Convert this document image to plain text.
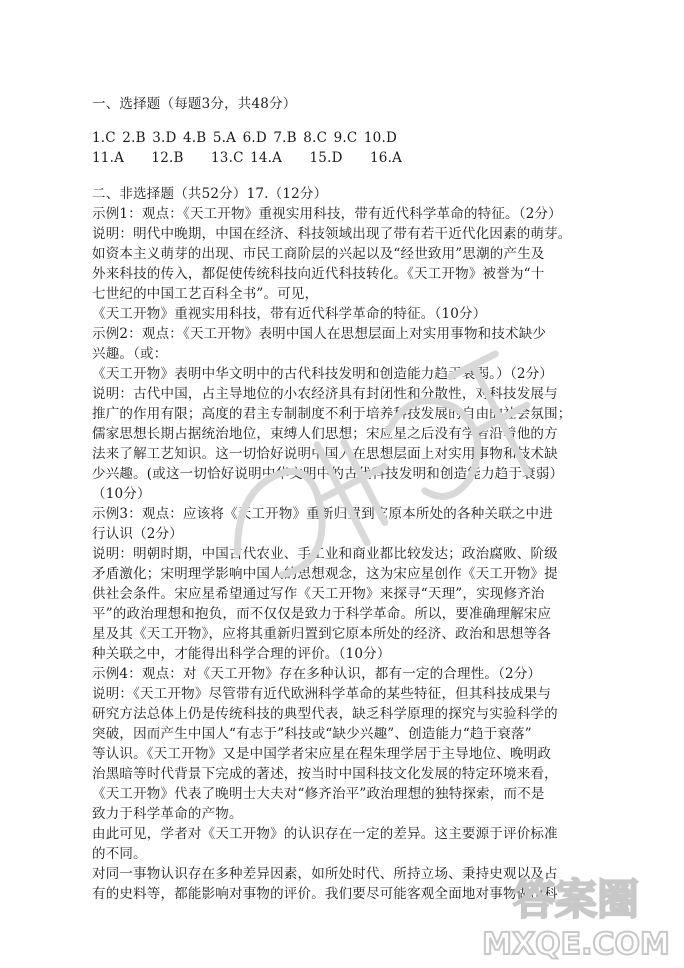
一、选择题（每题3分，共48分）
1.C 2.B 3.D 4.B 5.A 6.D 7.B 8.C 9.C 10.D
11.A　　12.B　　13.C 14.A　　15.D　　16.A
二、非选择题（共52分）17.（12分）
示例1：观点：《天工开物》重视实用科技，带有近代科学革命的特征。（2分）
说明：明代中晚期，中国在经济、科技领域出现了带有若干近代化因素的萌芽。
如资本主义萌芽的出现、市民工商阶层的兴起以及“经世致用”思潮的产生及
外来科技的传入，都促使传统科技向近代科技转化。《天工开物》被誉为“十
七世纪的中国工艺百科全书”。可见，
《天工开物》重视实用科技，带有近代科学革命的特征。（10分）
示例2：观点：《天工开物》表明中国人在思想层面上对实用事物和技术缺少
兴趣。（或：
《天工开物》表明中华文明中的古代科技发明和创造能力趋于衰弱。）（2分）
说明：古代中国，占主导地位的小农经济具有封闭性和分散性，对科技发展与
推广的作用有限；高度的君主专制制度不利于培养科技发展的自由的社会氛围；
儒家思想长期占据统治地位，束缚人们思想；宋应星之后没有学者沿着他的方
法来了解工艺知识。这一切恰好说明中国人在思想层面上对实用事物和技术缺
少兴趣。(或这一切恰好说明中华文明中的古代科技发明和创造能力趋于衰弱）
（10分）
示例3：观点：应该将《天工开物》重新归置到它原本所处的各种关联之中进
行认识（2分）
说明：明朝时期，中国古代农业、手工业和商业都比较发达；政治腐败、阶级
矛盾激化；宋明理学影响中国人的思想观念，这为宋应星创作《天工开物》提
供社会条件。宋应星希望通过写作《天工开物》来探寻“天理”，实现修齐治
平”的政治理想和抱负，而不仅仅是致力于科学革命。所以，要准确理解宋应
星及其《天工开物》，应将其重新归置到它原本所处的经济、政治和思想等各
种关联之中，才能得出科学合理的评价。（10分）
示例4：观点：对《天工开物》存在多种认识，都有一定的合理性。（2分）
说明：《天工开物》尽管带有近代欧洲科学革命的某些特征，但其科技成果与
研究方法总体上仍是传统科技的典型代表，缺乏科学原理的探究与实验科学的
突破，因而产生中国人“有志于”科技或“缺少兴趣”、创造能力“趋于衰落”
等认识。《天工开物》又是中国学者宋应星在程朱理学居于主导地位、晚明政
治黑暗等时代背景下完成的著述，按当时中国科技文化发展的特定环境来看，
《天工开物》代表了晚明士大夫对“修齐治平”政治理想的独特探索，而不是
致力于科学革命的产物。
由此可见，学者对《天工开物》的认识存在一定的差异。这主要源于评价标准
的不同。
对同一事物认识存在多种差异因素，如所处时代、所持立场、秉持史观以及占
有的史料等，都能影响对事物的评价。我们要尽可能客观全面地对事物做出科
答案圈
MXQE.COM
